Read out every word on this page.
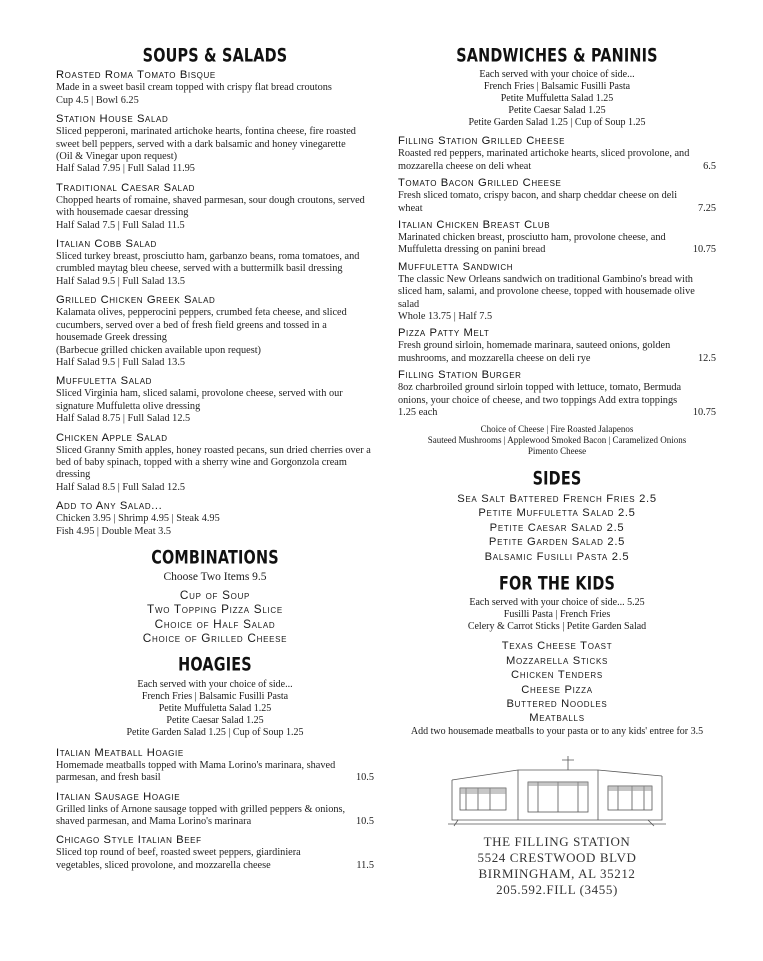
SOUPS & SALADS
Roasted Roma Tomato Bisque
Made in a sweet basil cream topped with crispy flat bread croutons
Cup 4.5 | Bowl 6.25
Station House Salad
Sliced pepperoni, marinated artichoke hearts, fontina cheese, fire roasted sweet bell peppers, served with a dark balsamic and honey vinegarette
(Oil & Vinegar upon request)
Half Salad 7.95 | Full Salad 11.95
Traditional Caesar Salad
Chopped hearts of romaine, shaved parmesan, sour dough croutons, served with housemade caesar dressing
Half Salad 7.5 | Full Salad 11.5
Italian Cobb Salad
Sliced turkey breast, prosciutto ham, garbanzo beans, roma tomatoes, and crumbled maytag bleu cheese, served with a buttermilk basil dressing
Half Salad 9.5 | Full Salad 13.5
Grilled Chicken Greek Salad
Kalamata olives, pepperocini peppers, crumbed feta cheese, and sliced cucumbers, served over a bed of fresh field greens and tossed in a housemade Greek dressing
(Barbecue grilled chicken available upon request)
Half Salad 9.5 | Full Salad 13.5
Muffuletta Salad
Sliced Virginia ham, sliced salami, provolone cheese, served with our signature Muffuletta olive dressing
Half Salad 8.75 | Full Salad 12.5
Chicken Apple Salad
Sliced Granny Smith apples, honey roasted pecans, sun dried cherries over a bed of baby spinach, topped with a sherry wine and Gorgonzola cream dressing
Half Salad 8.5 | Full Salad 12.5
Add to Any Salad...
Chicken 3.95 | Shrimp 4.95 | Steak 4.95
Fish 4.95 | Double Meat 3.5
COMBINATIONS
Choose Two Items 9.5
Cup of Soup
Two Topping Pizza Slice
Choice of Half Salad
Choice of Grilled Cheese
HOAGIES
Each served with your choice of side...
French Fries | Balsamic Fusilli Pasta
Petite Muffuletta Salad 1.25
Petite Caesar Salad 1.25
Petite Garden Salad 1.25 | Cup of Soup 1.25
Italian Meatball Hoagie
Homemade meatballs topped with Mama Lorino's marinara, shaved parmesan, and fresh basil	10.5
Italian Sausage Hoagie
Grilled links of Arnone sausage topped with grilled peppers & onions, shaved parmesan, and Mama Lorino's marinara	10.5
Chicago Style Italian Beef
Sliced top round of beef, roasted sweet peppers, giardiniera vegetables, sliced provolone, and mozzarella cheese	11.5
SANDWICHES & PANINIS
Each served with your choice of side...
French Fries | Balsamic Fusilli Pasta
Petite Muffuletta Salad 1.25
Petite Caesar Salad 1.25
Petite Garden Salad 1.25 | Cup of Soup 1.25
Filling Station Grilled Cheese
Roasted red peppers, marinated artichoke hearts, sliced provolone, and mozzarella cheese on deli wheat	6.5
Tomato Bacon Grilled Cheese
Fresh sliced tomato, crispy bacon, and sharp cheddar cheese on deli wheat	7.25
Italian Chicken Breast Club
Marinated chicken breast, prosciutto ham, provolone cheese, and Muffuletta dressing on panini bread	10.75
Muffuletta Sandwich
The classic New Orleans sandwich on traditional Gambino's bread with sliced ham, salami, and provolone cheese, topped with housemade olive salad
Whole 13.75 | Half 7.5
Pizza Patty Melt
Fresh ground sirloin, homemade marinara, sauteed onions, golden mushrooms, and mozzarella cheese on deli rye	12.5
Filling Station Burger
8oz charbroiled ground sirloin topped with lettuce, tomato, Bermuda onions, your choice of cheese, and two toppings Add extra toppings 1.25 each	10.75
Choice of Cheese | Fire Roasted Jalapenos
Sauteed Mushrooms | Applewood Smoked Bacon | Caramelized Onions
Pimento Cheese
SIDES
Sea Salt Battered French Fries 2.5
Petite Muffuletta Salad 2.5
Petite Caesar Salad 2.5
Petite Garden Salad 2.5
Balsamic Fusilli Pasta 2.5
FOR THE KIDS
Each served with your choice of side... 5.25
Fusilli Pasta | French Fries
Celery & Carrot Sticks | Petite Garden Salad
Texas Cheese Toast
Mozzarella Sticks
Chicken Tenders
Cheese Pizza
Buttered Noodles
Meatballs
Add two housemade meatballs to your pasta or to any kids' entree for 3.5
THE FILLING STATION
5524 CRESTWOOD BLVD
BIRMINGHAM, AL 35212
205.592.FILL (3455)
